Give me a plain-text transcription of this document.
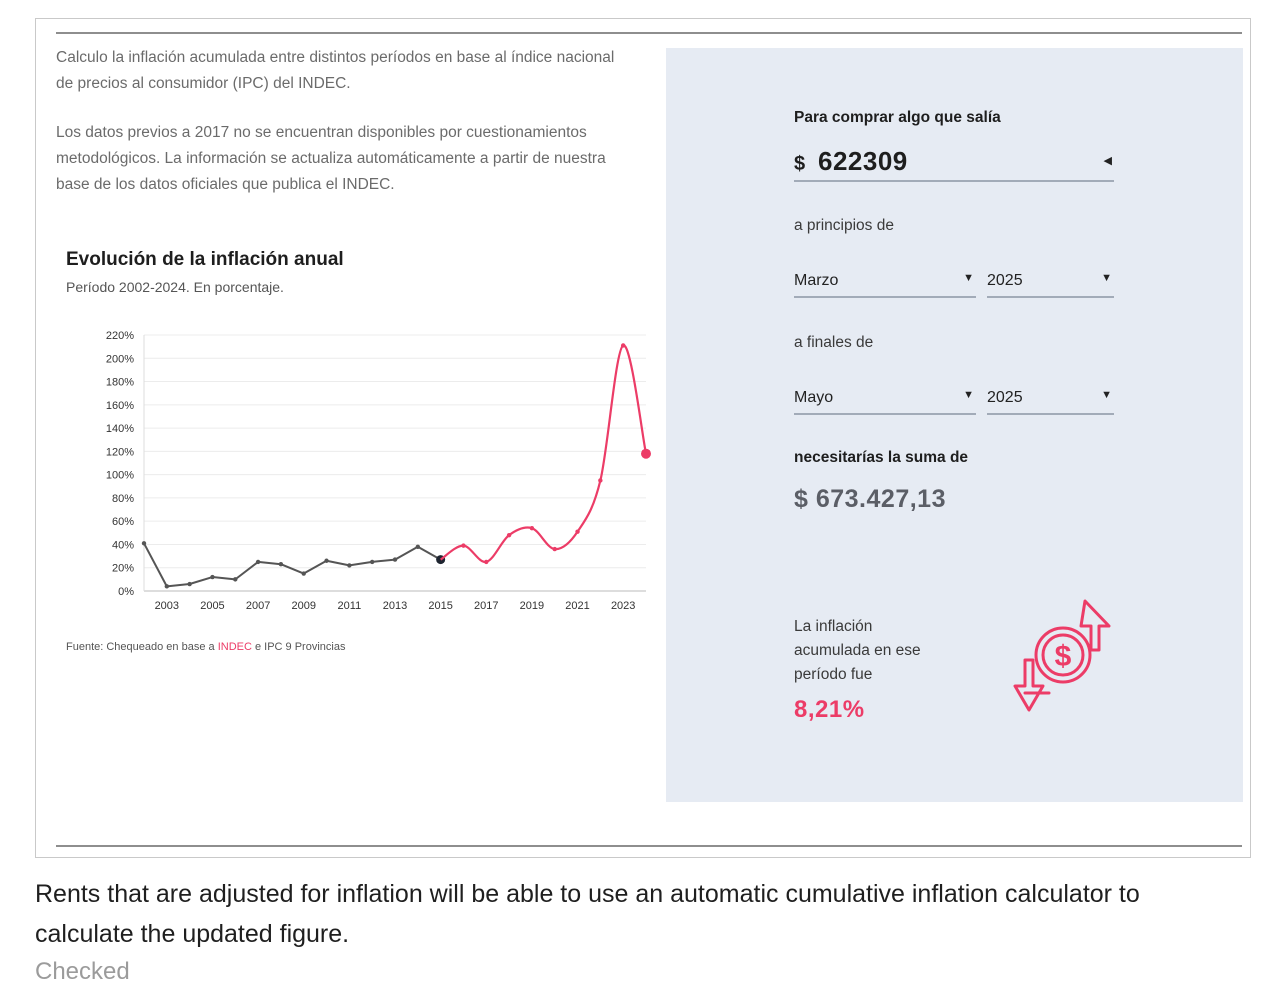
Calculo la inflación acumulada entre distintos períodos en base al índice nacional de precios al consumidor (IPC) del INDEC.

Los datos previos a 2017 no se encuentran disponibles por cuestionamientos metodológicos. La información se actualiza automáticamente a partir de nuestra base de los datos oficiales que publica el INDEC.

0%
20%
40%
60%
80%
100%
120%
140%
160%
180%
200%
220%
2003 2005 2007 2009 2011 2013 2015 2017 2019 2021 2023

Evolución de la inflación anual

Período 2002-2024. En porcentaje.

Fuente: Chequeado en base a INDEC e IPC 9 Provincias

Para comprar algo que salía

$ 622309	◀

a principios de

Marzo	▼ 2025	▼

a finales de

Mayo	▼ 2025	▼

necesitarías la suma de

$ 673.427,13

La inflación acumulada en ese período fue

8,21%

$

Rents that are adjusted for inflation will be able to use an automatic cumulative inflation calculator to calculate the updated figure.

Checked
